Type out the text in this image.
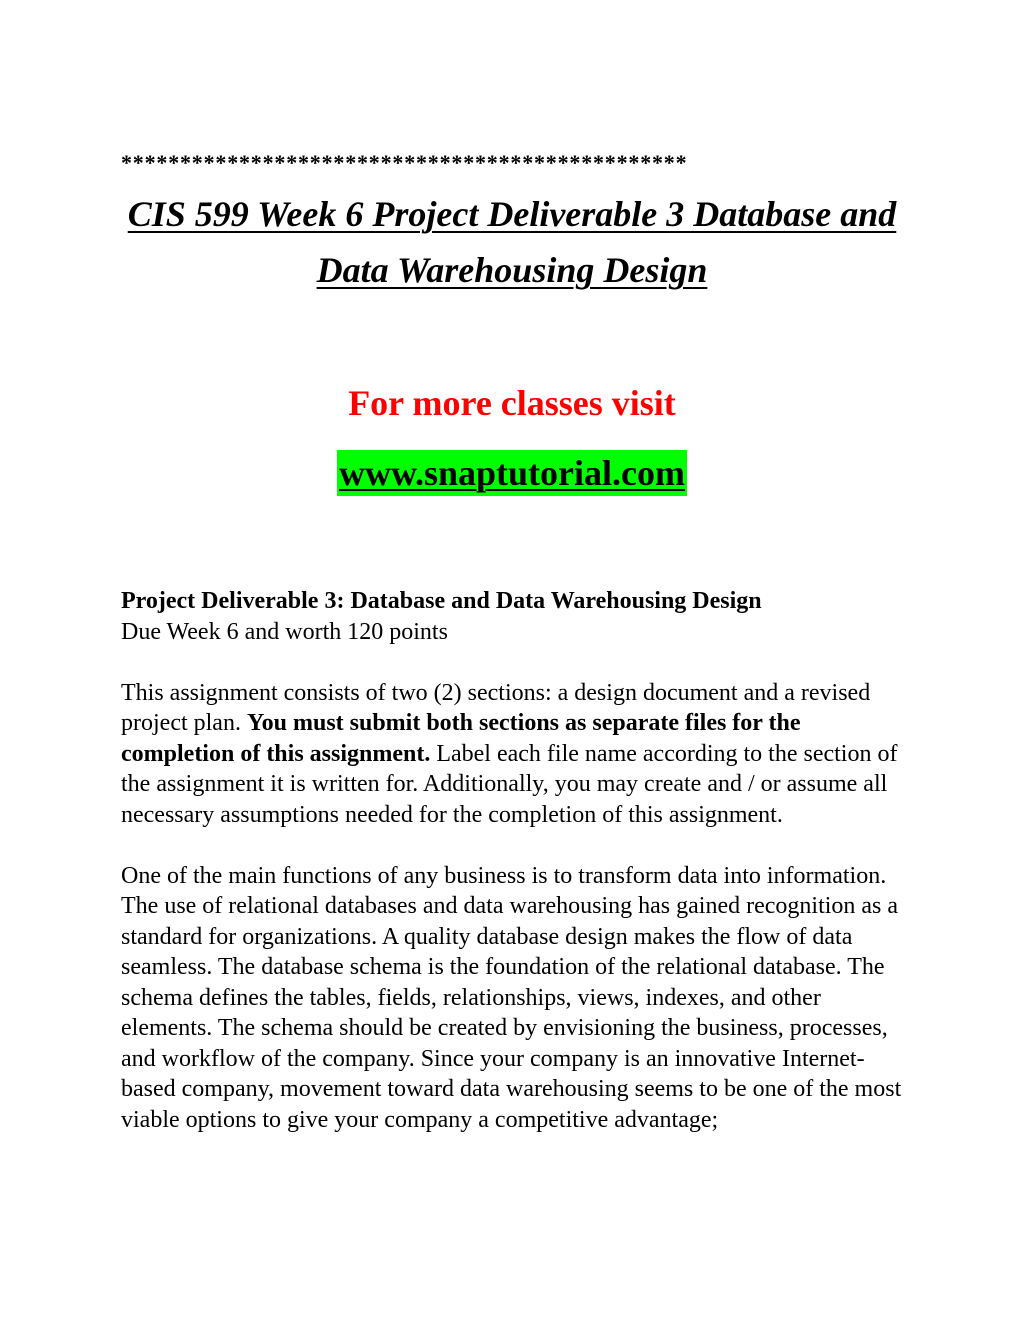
************************************************
CIS 599 Week 6 Project Deliverable 3 Database and Data Warehousing Design
For more classes visit
www.snaptutorial.com

Project Deliverable 3: Database and Data Warehousing Design

Due Week 6 and worth 120 points

This assignment consists of two (2) sections: a design document and a revised project plan. You must submit both sections as separate files for the completion of this assignment. Label each file name according to the section of the assignment it is written for. Additionally, you may create and / or assume all necessary assumptions needed for the completion of this assignment.

One of the main functions of any business is to transform data into information. The use of relational databases and data warehousing has gained recognition as a standard for organizations. A quality database design makes the flow of data seamless. The database schema is the foundation of the relational database. The schema defines the tables, fields, relationships, views, indexes, and other elements. The schema should be created by envisioning the business, processes, and workflow of the company. Since your company is an innovative Internet-based company, movement toward data warehousing seems to be one of the most viable options to give your company a competitive advantage;
